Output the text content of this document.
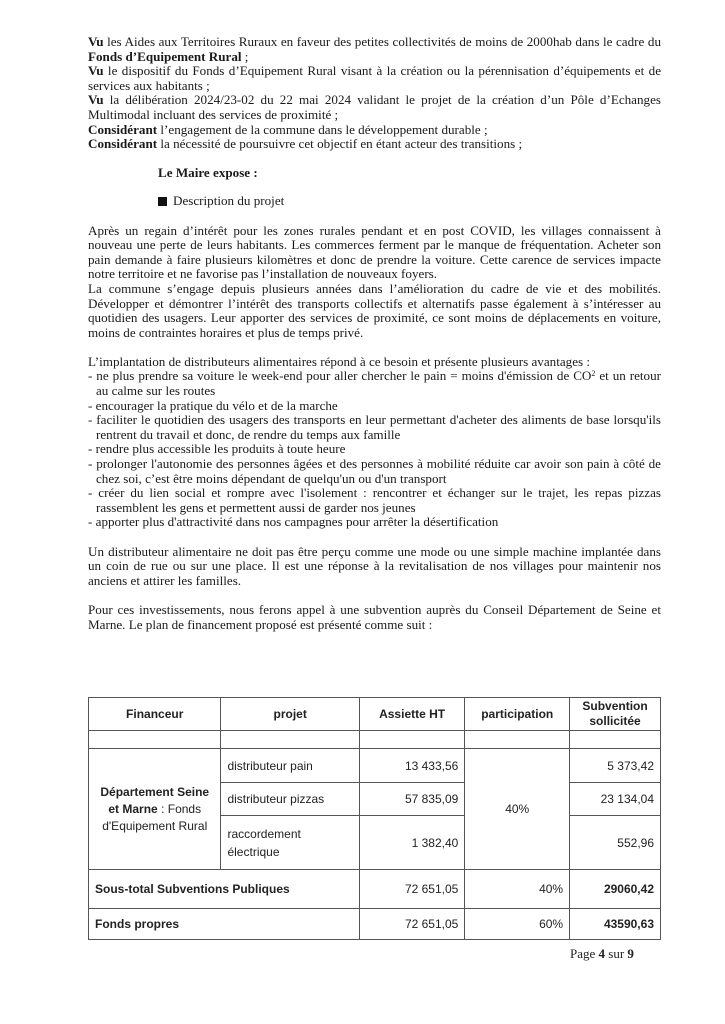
Vu les Aides aux Territoires Ruraux en faveur des petites collectivités de moins de 2000hab dans le cadre du Fonds d’Equipement Rural ;

Vu le dispositif du Fonds d’Equipement Rural visant à la création ou la pérennisation d’équipements et de services aux habitants ;

Vu la délibération 2024/23-02 du 22 mai 2024 validant le projet de la création d’un Pôle d’Echanges Multimodal incluant des services de proximité ;

Considérant l’engagement de la commune dans le développement durable ;

Considérant la nécessité de poursuivre cet objectif en étant acteur des transitions ;

Le Maire expose :

Description du projet

Après un regain d’intérêt pour les zones rurales pendant et en post COVID, les villages connaissent à nouveau une perte de leurs habitants. Les commerces ferment par le manque de fréquentation. Acheter son pain demande à faire plusieurs kilomètres et donc de prendre la voiture. Cette carence de services impacte notre territoire et ne favorise pas l’installation de nouveaux foyers.

La commune s’engage depuis plusieurs années dans l’amélioration du cadre de vie et des mobilités. Développer et démontrer l’intérêt des transports collectifs et alternatifs passe également à s’intéresser au quotidien des usagers. Leur apporter des services de proximité, ce sont moins de déplacements en voiture, moins de contraintes horaires et plus de temps privé.

L’implantation de distributeurs alimentaires répond à ce besoin et présente plusieurs avantages :

- ne plus prendre sa voiture le week-end pour aller chercher le pain = moins d'émission de $CO^2$ et un retour au calme sur les routes
- encourager la pratique du vélo et de la marche
- faciliter le quotidien des usagers des transports en leur permettant d'acheter des aliments de base lorsqu'ils rentrent du travail et donc, de rendre du temps aux famille
- rendre plus accessible les produits à toute heure
- prolonger l'autonomie des personnes âgées et des personnes à mobilité réduite car avoir son pain à côté de chez soi, c’est être moins dépendant de quelqu'un ou d'un transport
- créer du lien social et rompre avec l'isolement : rencontrer et échanger sur le trajet, les repas pizzas rassemblent les gens et permettent aussi de garder nos jeunes
- apporter plus d'attractivité dans nos campagnes pour arrêter la désertification

Un distributeur alimentaire ne doit pas être perçu comme une mode ou une simple machine implantée dans un coin de rue ou sur une place. Il est une réponse à la revitalisation de nos villages pour maintenir nos anciens et attirer les familles.

Pour ces investissements, nous ferons appel à une subvention auprès du Conseil Département de Seine et Marne. Le plan de financement proposé est présenté comme suit :

Financeur	projet	Assiette HT	participation	Subvention sollicitée

Département Seine et Marne : Fonds d'Equipement Rural	distributeur pain	13 433,56	40%	5 373,42
	distributeur pizzas	57 835,09		23 134,04
	raccordement électrique	1 382,40		552,96
Sous-total Subventions Publiques		72 651,05	40%	29060,42
Fonds propres		72 651,05	60%	43590,63
Page 4 sur 9
